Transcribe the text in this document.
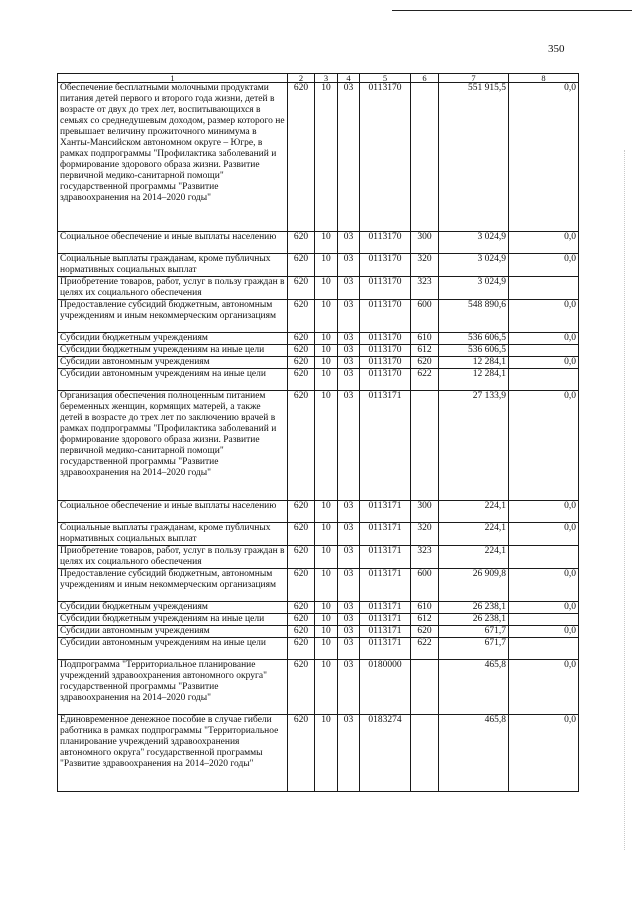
350
1	2	3	4	5	6	7	8
Обеспечение бесплатными молочными продуктами питания детей первого и второго года жизни, детей в возрасте от двух до трех лет, воспитывающихся в семьях со среднедушевым доходом, размер которого не превышает величину прожиточного минимума в Ханты-Мансийском автономном округе – Югре, в рамках подпрограммы "Профилактика заболеваний и формирование здорового образа жизни. Развитие первичной медико-санитарной помощи" государственной программы "Развитие здравоохранения на 2014–2020 годы"	620	10	03	0113170		551 915,5	0,0
Социальное обеспечение и иные выплаты населению	620	10	03	0113170	300	3 024,9	0,0
Социальные выплаты гражданам, кроме публичных нормативных социальных выплат	620	10	03	0113170	320	3 024,9	0,0
Приобретение товаров, работ, услуг в пользу граждан в целях их социального обеспечения	620	10	03	0113170	323	3 024,9	
Предоставление субсидий бюджетным, автономным учреждениям и иным некоммерческим организациям	620	10	03	0113170	600	548 890,6	0,0
Субсидии бюджетным учреждениям	620	10	03	0113170	610	536 606,5	0,0
Субсидии бюджетным учреждениям на иные цели	620	10	03	0113170	612	536 606,5	
Субсидии автономным учреждениям	620	10	03	0113170	620	12 284,1	0,0
Субсидии автономным учреждениям на иные цели	620	10	03	0113170	622	12 284,1	
Организация обеспечения полноценным питанием беременных женщин, кормящих матерей, а также детей в возрасте до трех лет по заключению врачей в рамках подпрограммы "Профилактика заболеваний и формирование здорового образа жизни. Развитие первичной медико-санитарной помощи" государственной программы "Развитие здравоохранения на 2014–2020 годы"	620	10	03	0113171		27 133,9	0,0
Социальное обеспечение и иные выплаты населению	620	10	03	0113171	300	224,1	0,0
Социальные выплаты гражданам, кроме публичных нормативных социальных выплат	620	10	03	0113171	320	224,1	0,0
Приобретение товаров, работ, услуг в пользу граждан в целях их социального обеспечения	620	10	03	0113171	323	224,1	
Предоставление субсидий бюджетным, автономным учреждениям и иным некоммерческим организациям	620	10	03	0113171	600	26 909,8	0,0
Субсидии бюджетным учреждениям	620	10	03	0113171	610	26 238,1	0,0
Субсидии бюджетным учреждениям на иные цели	620	10	03	0113171	612	26 238,1	
Субсидии автономным учреждениям	620	10	03	0113171	620	671,7	0,0
Субсидии автономным учреждениям на иные цели	620	10	03	0113171	622	671,7	
Подпрограмма "Территориальное планирование учреждений здравоохранения автономного округа" государственной программы "Развитие здравоохранения на 2014–2020 годы"	620	10	03	0180000		465,8	0,0
Единовременное денежное пособие в случае гибели работника в рамках подпрограммы "Территориальное планирование учреждений здравоохранения автономного округа" государственной программы "Развитие здравоохранения на 2014–2020 годы"	620	10	03	0183274		465,8	0,0
